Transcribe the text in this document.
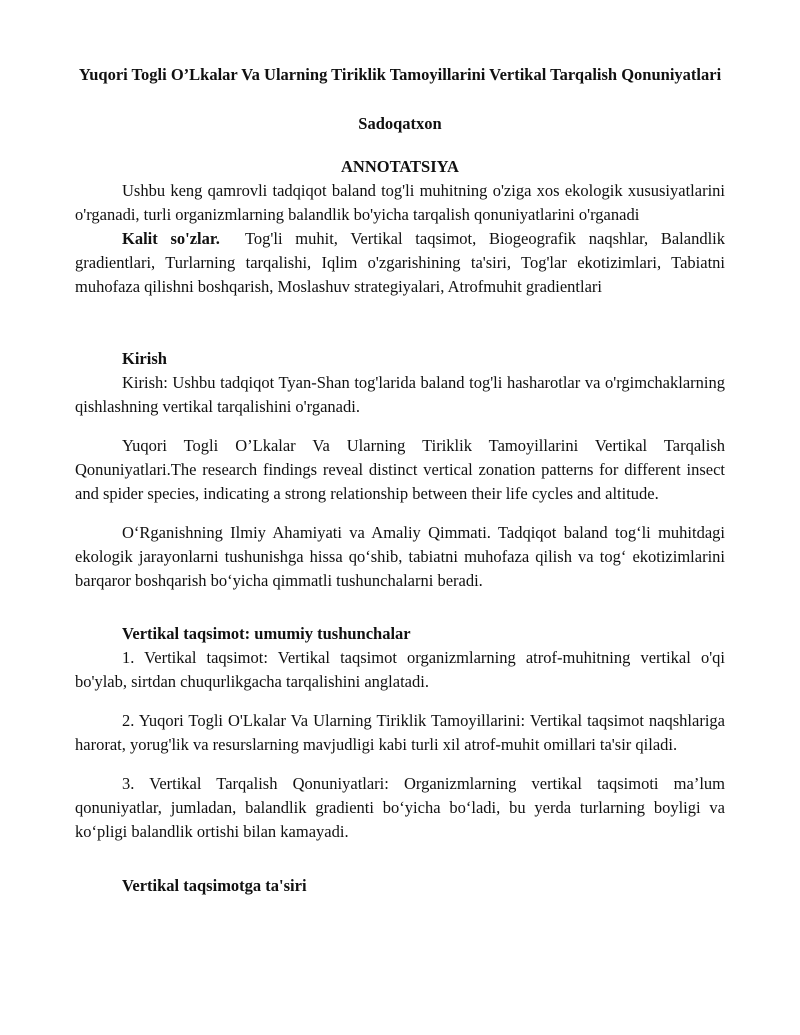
Yuqori Togli O’Lkalar Va Ularning Tiriklik Tamoyillarini Vertikal Tarqalish Qonuniyatlari
Sadoqatxon
ANNOTATSIYA

Ushbu keng qamrovli tadqiqot baland tog'li muhitning o'ziga xos ekologik xususiyatlarini o'rganadi, turli organizmlarning balandlik bo'yicha tarqalish qonuniyatlarini o'rganadi

Kalit so'zlar. Tog'li muhit, Vertikal taqsimot, Biogeografik naqshlar, Balandlik gradientlari, Turlarning tarqalishi, Iqlim o'zgarishining ta'siri, Tog'lar ekotizimlari, Tabiatni muhofaza qilishni boshqarish, Moslashuv strategiyalari, Atrofmuhit gradientlari

Kirish

Kirish: Ushbu tadqiqot Tyan-Shan tog'larida baland tog'li hasharotlar va o'rgimchaklarning qishlashning vertikal tarqalishini o'rganadi.

Yuqori Togli O’Lkalar Va Ularning Tiriklik Tamoyillarini Vertikal Tarqalish Qonuniyatlari.The research findings reveal distinct vertical zonation patterns for different insect and spider species, indicating a strong relationship between their life cycles and altitude.

O‘Rganishning Ilmiy Ahamiyati va Amaliy Qimmati. Tadqiqot baland tog‘li muhitdagi ekologik jarayonlarni tushunishga hissa qo‘shib, tabiatni muhofaza qilish va tog‘ ekotizimlarini barqaror boshqarish bo‘yicha qimmatli tushunchalarni beradi.

Vertikal taqsimot: umumiy tushunchalar

1. Vertikal taqsimot: Vertikal taqsimot organizmlarning atrof-muhitning vertikal o'qi bo'ylab, sirtdan chuqurlikgacha tarqalishini anglatadi.

2. Yuqori Togli O'Lkalar Va Ularning Tiriklik Tamoyillarini: Vertikal taqsimot naqshlariga harorat, yorug'lik va resurslarning mavjudligi kabi turli xil atrof-muhit omillari ta'sir qiladi.

3. Vertikal Tarqalish Qonuniyatlari: Organizmlarning vertikal taqsimoti ma’lum qonuniyatlar, jumladan, balandlik gradienti bo‘yicha bo‘ladi, bu yerda turlarning boyligi va ko‘pligi balandlik ortishi bilan kamayadi.

Vertikal taqsimotga ta'siri
